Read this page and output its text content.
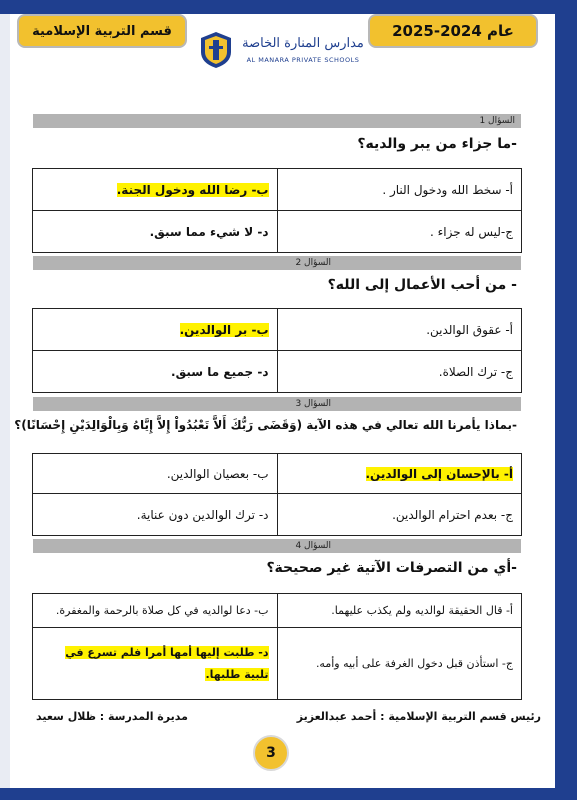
قسم التربية الإسلامية	عام 2024-2025
مدارس المنارة الخاصة
AL MANARA PRIVATE SCHOOLS
السؤال 1
-ما جزاء من يبر والديه؟
أ- سخط الله ودخول النار .	ب- رضا الله ودخول الجنة.
ج-ليس له جزاء .	د- لا شيء مما سبق.
السؤال 2
- من أحب الأعمال إلى الله؟
أ- عقوق الوالدين.	ب- بر الوالدين.
ج- ترك الصلاة.	د- جميع ما سبق.
السؤال 3
-بماذا يأمرنا الله تعالي في هذه الآية (وَقَضَى رَبُّكَ أَلاَّ تَعْبُدُواْ إِلاَّ إِيَّاهُ وَبِالْوَالِدَيْنِ إِحْسَانًا)؟
أ- بالإحسان إلى الوالدين.	ب- بعصيان الوالدين.
ج- بعدم احترام الوالدين.	د- ترك الوالدين دون عناية.
السؤال 4
-أي من التصرفات الآتية غير صحيحة؟
أ- قال الحقيقة لوالديه ولم يكذب عليهما.	ب- دعا لوالديه في كل صلاة بالرحمة والمغفرة.
ج- استأذن قبل دخول الغرفة على أبيه وأمه.	د- طلبت إليها أمها أمرا فلم تسرع في تلبية طلبها.
رئيس قسم التربية الإسلامية : أحمد عبدالعزيز
مديرة المدرسة : ظلال سعيد
3
